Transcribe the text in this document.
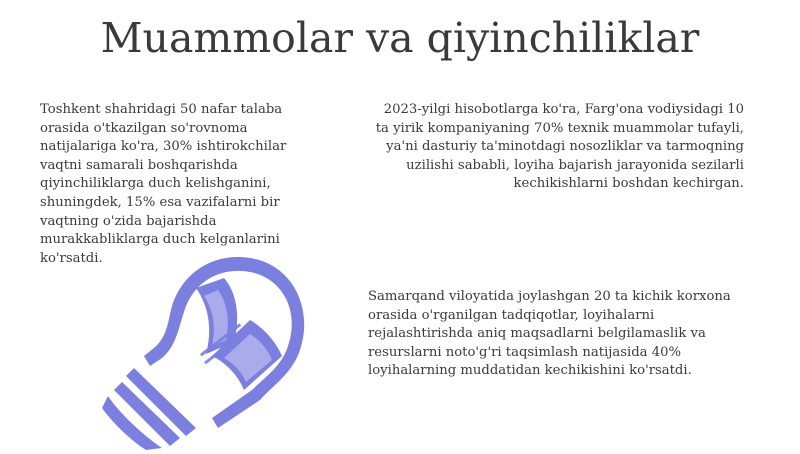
Muammolar va qiyinchiliklar

Toshkent shahridagi 50 nafar talaba orasida o'tkazilgan so'rovnoma natijalariga ko'ra, 30% ishtirokchilar vaqtni samarali boshqarishda qiyinchiliklarga duch kelishganini, shuningdek, 15% esa vazifalarni bir vaqtning o'zida bajarishda murakkabliklarga duch kelganlarini ko'rsatdi.

2023-yilgi hisobotlarga ko'ra, Farg'ona vodiysidagi 10 ta yirik kompaniyaning 70% texnik muammolar tufayli, ya'ni dasturiy ta'minotdagi nosozliklar va tarmoqning uzilishi sababli, loyiha bajarish jarayonida sezilarli kechikishlarni boshdan kechirgan.

Samarqand viloyatida joylashgan 20 ta kichik korxona orasida o'rganilgan tadqiqotlar, loyihalarni rejalashtirishda aniq maqsadlarni belgilamaslik va resurslarni noto'g'ri taqsimlash natijasida 40% loyihalarning muddatidan kechikishini ko'rsatdi.
